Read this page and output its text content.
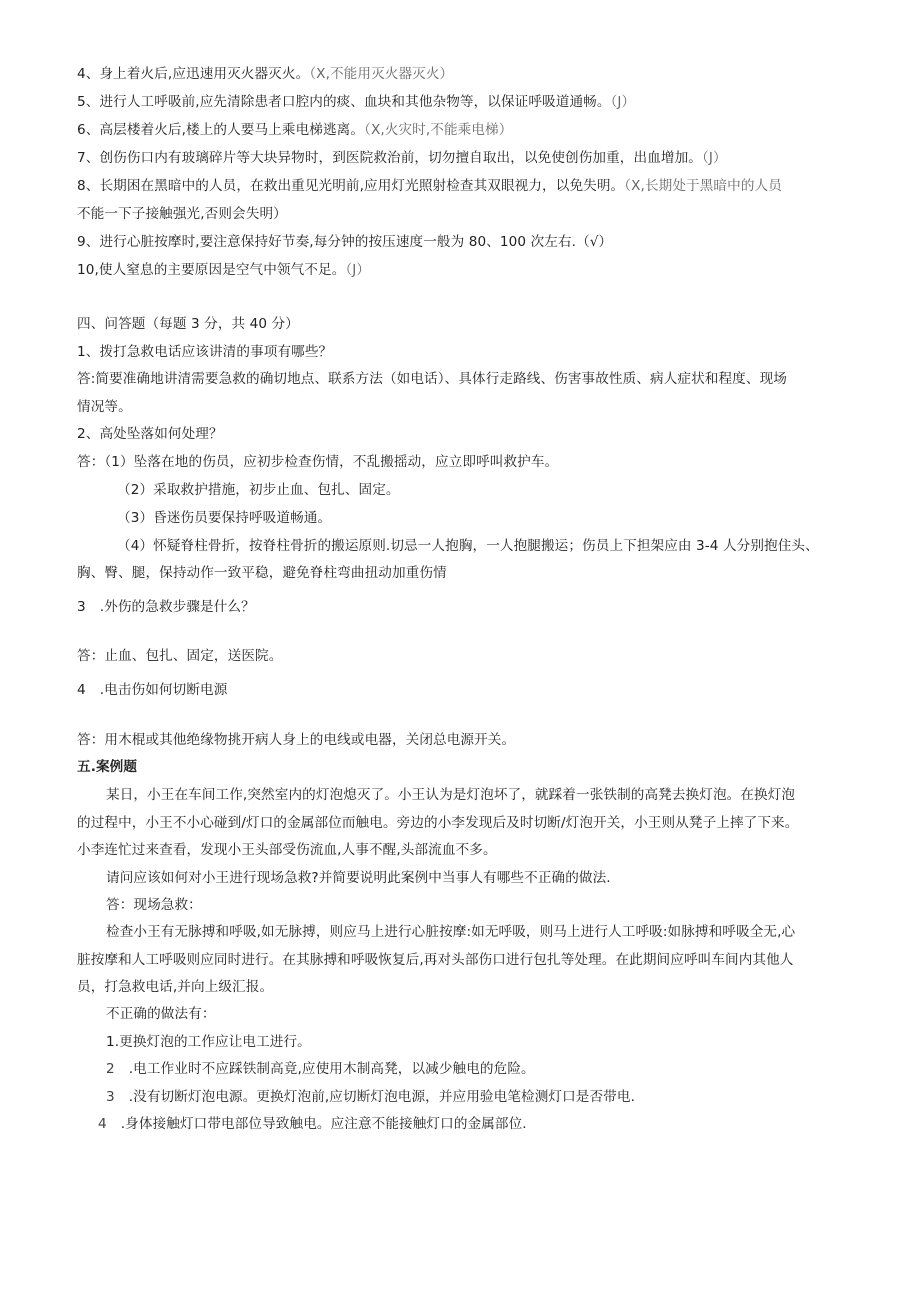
4、身上着火后,应迅速用灭火器灭火。（X,不能用灭火器灭火）
5、进行人工呼吸前,应先清除患者口腔内的痰、血块和其他杂物等，以保证呼吸道通畅。（J）
6、高层楼着火后,楼上的人要马上乘电梯逃离。（X,火灾时,不能乘电梯）
7、创伤伤口内有玻璃碎片等大块异物时，到医院救治前，切勿擅自取出，以免使创伤加重，出血增加。（J）
8、长期困在黑暗中的人员，在救出重见光明前,应用灯光照射检查其双眼视力，以免失明。（X,长期处于黑暗中的人员
不能一下子接触强光,否则会失明）
9、进行心脏按摩时,要注意保持好节奏,每分钟的按压速度一般为 80、100 次左右.（√）
10,使人窒息的主要原因是空气中领气不足。（J）
四、问答题（每题 3 分，共 40 分）
1、拨打急救电话应该讲清的事项有哪些？
答:简要准确地讲清需要急救的确切地点、联系方法（如电话）、具体行走路线、伤害事故性质、病人症状和程度、现场
情况等。
2、高处坠落如何处理？
答：（1）坠落在地的伤员，应初步检查伤情，不乱搬摇动，应立即呼叫救护车。
（2）采取救护措施，初步止血、包扎、固定。
（3）昏迷伤员要保持呼吸道畅通。
（4）怀疑脊柱骨折，按脊柱骨折的搬运原则.切忌一人抱胸，一人抱腿搬运；伤员上下担架应由 3-4 人分别抱住头、
胸、臀、腿，保持动作一致平稳，避免脊柱弯曲扭动加重伤情
3 .外伤的急救步骤是什么？
答：止血、包扎、固定，送医院。
4 .电击伤如何切断电源
答：用木棍或其他绝缘物挑开病人身上的电线或电器，关闭总电源开关。
五.案例题
某日，小王在车间工作,突然室内的灯泡熄灭了。小王认为是灯泡坏了，就踩着一张铁制的高凳去换灯泡。在换灯泡
的过程中，小王不小心碰到/灯口的金属部位而触电。旁边的小李发现后及时切断/灯泡开关，小王则从凳子上摔了下来。
小李连忙过来查看，发现小王头部受伤流血,人事不醒,头部流血不多。
请问应该如何对小王进行现场急救?并简要说明此案例中当事人有哪些不正确的做法.
答：现场急救：
检查小王有无脉搏和呼吸,如无脉搏，则应马上进行心脏按摩:如无呼吸，则马上进行人工呼吸:如脉搏和呼吸全无,心
脏按摩和人工呼吸则应同时进行。在其脉搏和呼吸恢复后,再对头部伤口进行包扎等处理。在此期间应呼叫车间内其他人
员，打急救电话,并向上级汇报。
不正确的做法有：
1.更换灯泡的工作应让电工进行。
2 .电工作业时不应踩铁制高竟,应使用木制高凳，以减少触电的危险。
3 .没有切断灯泡电源。更换灯泡前,应切断灯泡电源，并应用验电笔检测灯口是否带电.
4 .身体接触灯口带电部位导致触电。应注意不能接触灯口的金属部位.
